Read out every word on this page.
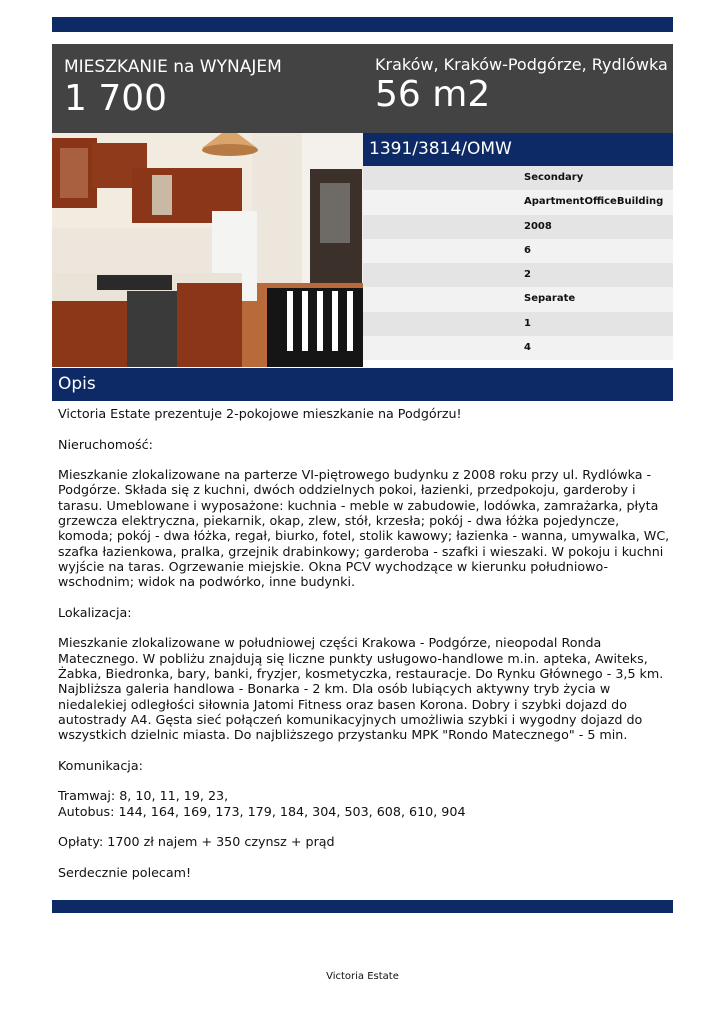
MIESZKANIE na WYNAJEM
1 700
Kraków, Kraków-Podgórze, Rydlówka
56 m2
1391/3814/OMW
Secondary
ApartmentOfficeBuilding
2008
6
2
Separate
1
4
Opis

Victoria Estate prezentuje 2-pokojowe mieszkanie na Podgórzu!

Nieruchomość:

Mieszkanie zlokalizowane na parterze VI-piętrowego budynku z 2008 roku przy ul. Rydlówka - Podgórze. Składa się z kuchni, dwóch oddzielnych pokoi, łazienki, przedpokoju, garderoby i tarasu. Umeblowane i wyposażone: kuchnia - meble w zabudowie, lodówka, zamrażarka, płyta grzewcza elektryczna, piekarnik, okap, zlew, stół, krzesła; pokój - dwa łóżka pojedyncze, komoda; pokój - dwa łóżka, regał, biurko, fotel, stolik kawowy; łazienka - wanna, umywalka, WC, szafka łazienkowa, pralka, grzejnik drabinkowy; garderoba - szafki i wieszaki. W pokoju i kuchni wyjście na taras. Ogrzewanie miejskie. Okna PCV wychodzące w kierunku południowo-wschodnim; widok na podwórko, inne budynki.

Lokalizacja:

Mieszkanie zlokalizowane w południowej części Krakowa - Podgórze, nieopodal Ronda Matecznego. W pobliżu znajdują się liczne punkty usługowo-handlowe m.in. apteka, Awiteks, Żabka, Biedronka, bary, banki, fryzjer, kosmetyczka, restauracje. Do Rynku Głównego - 3,5 km. Najbliższa galeria handlowa - Bonarka - 2 km. Dla osób lubiących aktywny tryb życia w niedalekiej odległości siłownia Jatomi Fitness oraz basen Korona. Dobry i szybki dojazd do autostrady A4. Gęsta sieć połączeń komunikacyjnych umożliwia szybki i wygodny dojazd do wszystkich dzielnic miasta. Do najbliższego przystanku MPK "Rondo Matecznego" - 5 min.

Komunikacja:

Tramwaj: 8, 10, 11, 19, 23,
Autobus: 144, 164, 169, 173, 179, 184, 304, 503, 608, 610, 904

Opłaty: 1700 zł najem + 350 czynsz + prąd

Serdecznie polecam!

Victoria Estate
